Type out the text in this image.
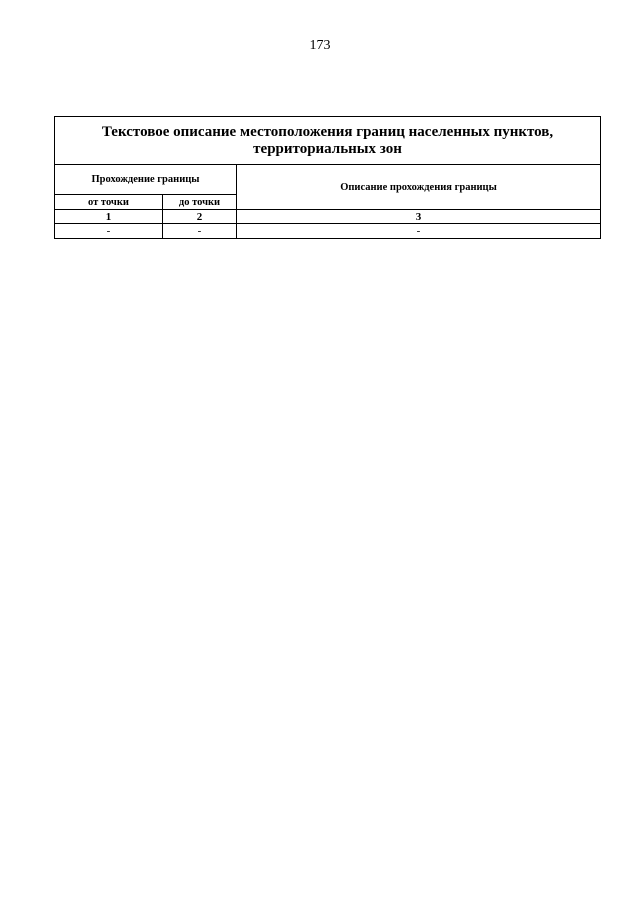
173
Текстовое описание местоположения границ населенных пунктов,
территориальных зон		

Прохождение границы		Описание прохождения границы
от точки	до точки	
1	2	3
-	-	-
